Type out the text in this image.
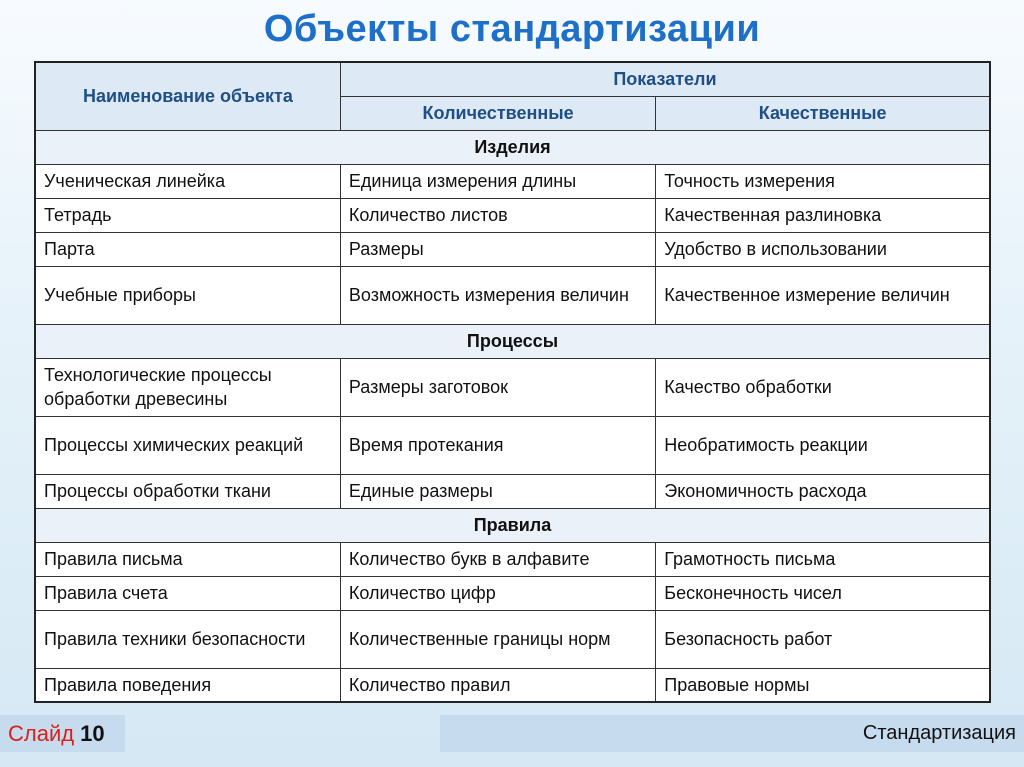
Объекты стандартизации
Наименование объекта	Показатели	
	Количественные	Качественные
Изделия		
Ученическая линейка	Единица измерения длины	Точность измерения
Тетрадь	Количество листов	Качественная разлиновка
Парта	Размеры	Удобство в использовании
Учебные приборы	Возможность измерения величин	Качественное измерение величин
Процессы		
Технологические процессы обработки древесины	Размеры заготовок	Качество обработки
Процессы химических реакций	Время протекания	Необратимость реакции
Процессы обработки ткани	Единые размеры	Экономичность расхода
Правила		
Правила письма	Количество букв в алфавите	Грамотность письма
Правила счета	Количество цифр	Бесконечность чисел
Правила техники безопасности	Количественные границы норм	Безопасность работ
Правила поведения	Количество правил	Правовые нормы
Слайд 10	Стандартизация
